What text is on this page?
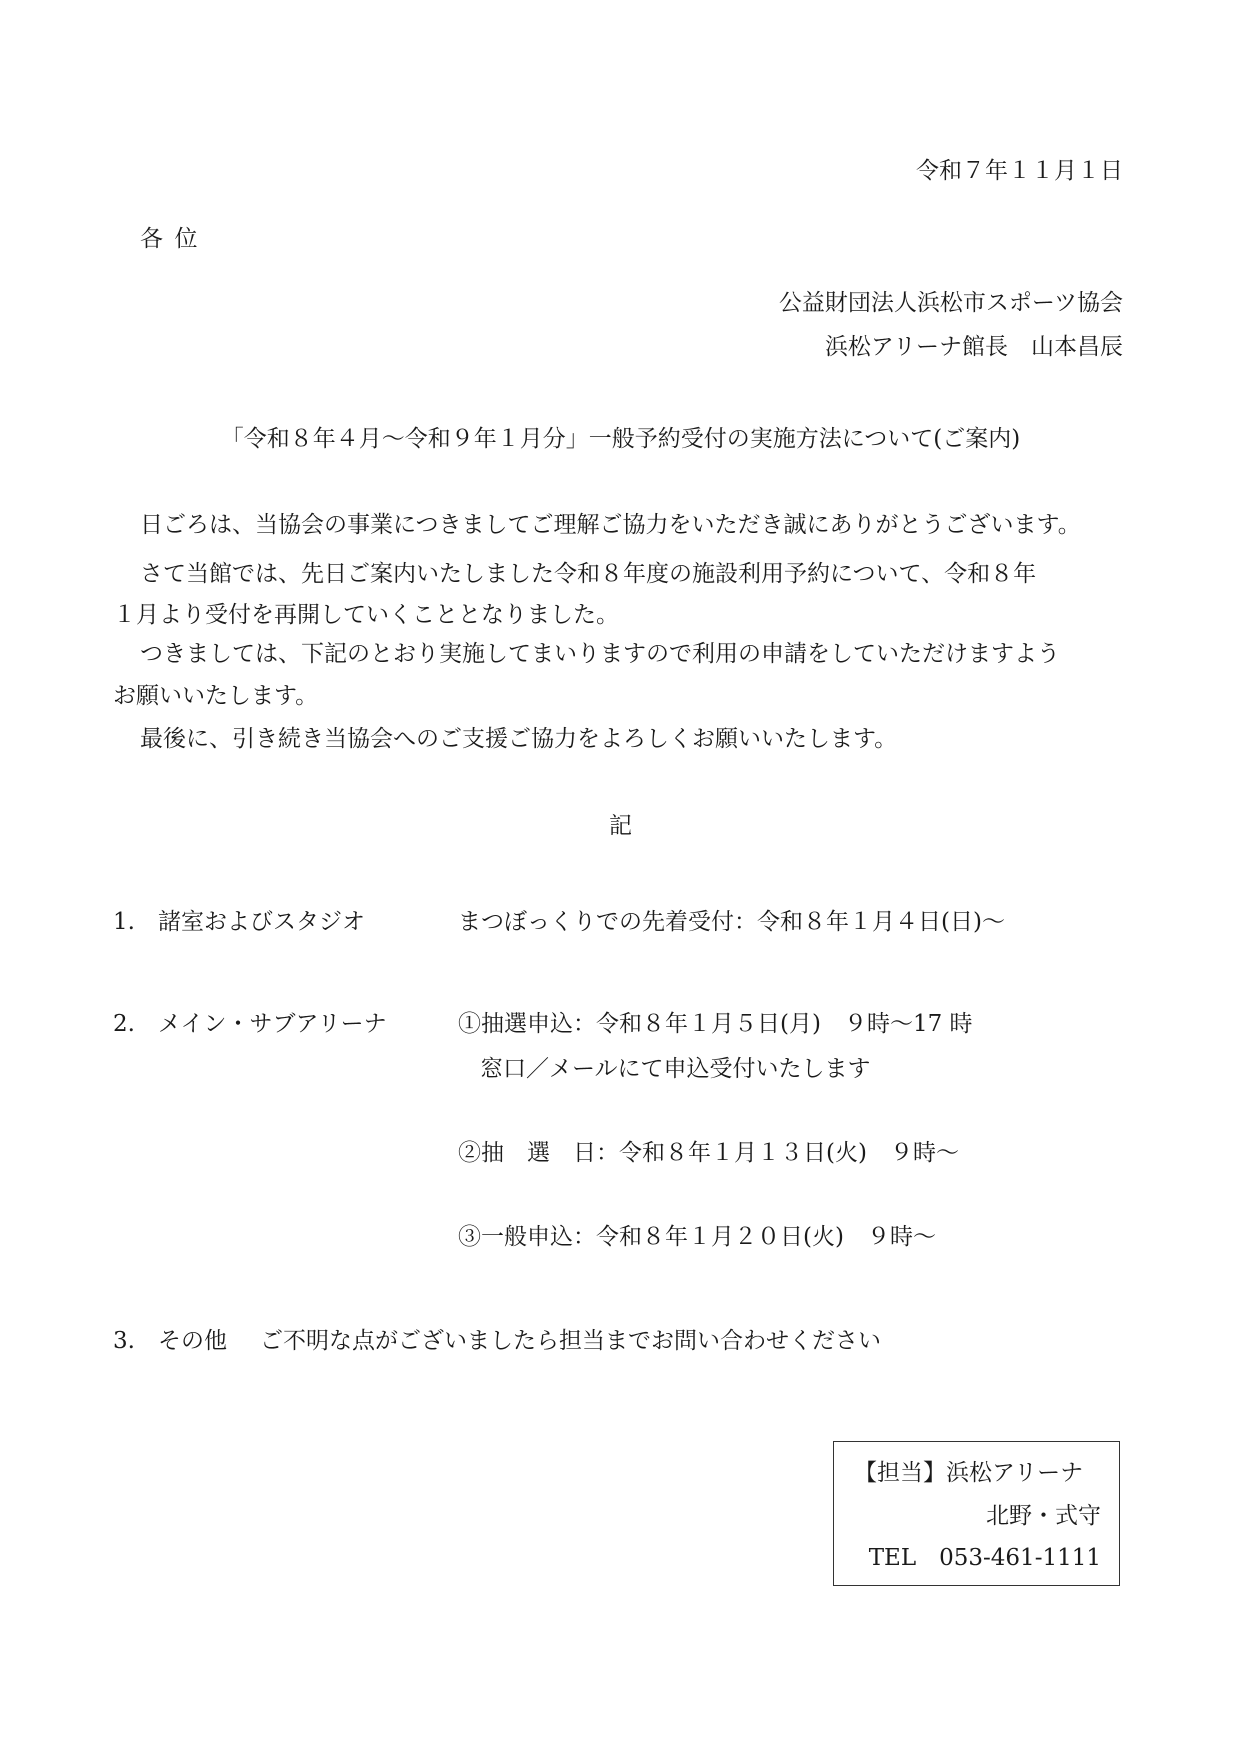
令和７年１１月１日
各位
公益財団法人浜松市スポーツ協会
浜松アリーナ館長　山本昌辰
「令和８年４月～令和９年１月分」一般予約受付の実施方法について(ご案内)
日ごろは、当協会の事業につきましてご理解ご協力をいただき誠にありがとうございます。
さて当館では、先日ご案内いたしました令和８年度の施設利用予約について、令和８年
１月より受付を再開していくこととなりました。
つきましては、下記のとおり実施してまいりますので利用の申請をしていただけますよう
お願いいたします。
最後に、引き続き当協会へのご支援ご協力をよろしくお願いいたします。
記
1. 諸室およびスタジオ	まつぼっくりでの先着受付：令和８年１月４日(日)～
2. メイン・サブアリーナ	①抽選申込：令和８年１月５日(月)　９時～17 時
窓口／メールにて申込受付いたします
②抽　選　日：令和８年１月１３日(火)　９時～
③一般申込：令和８年１月２０日(火)　９時～
3. その他 ご不明な点がございましたら担当までお問い合わせください
【担当】浜松アリーナ
北野・式守
TEL　053-461-1111
